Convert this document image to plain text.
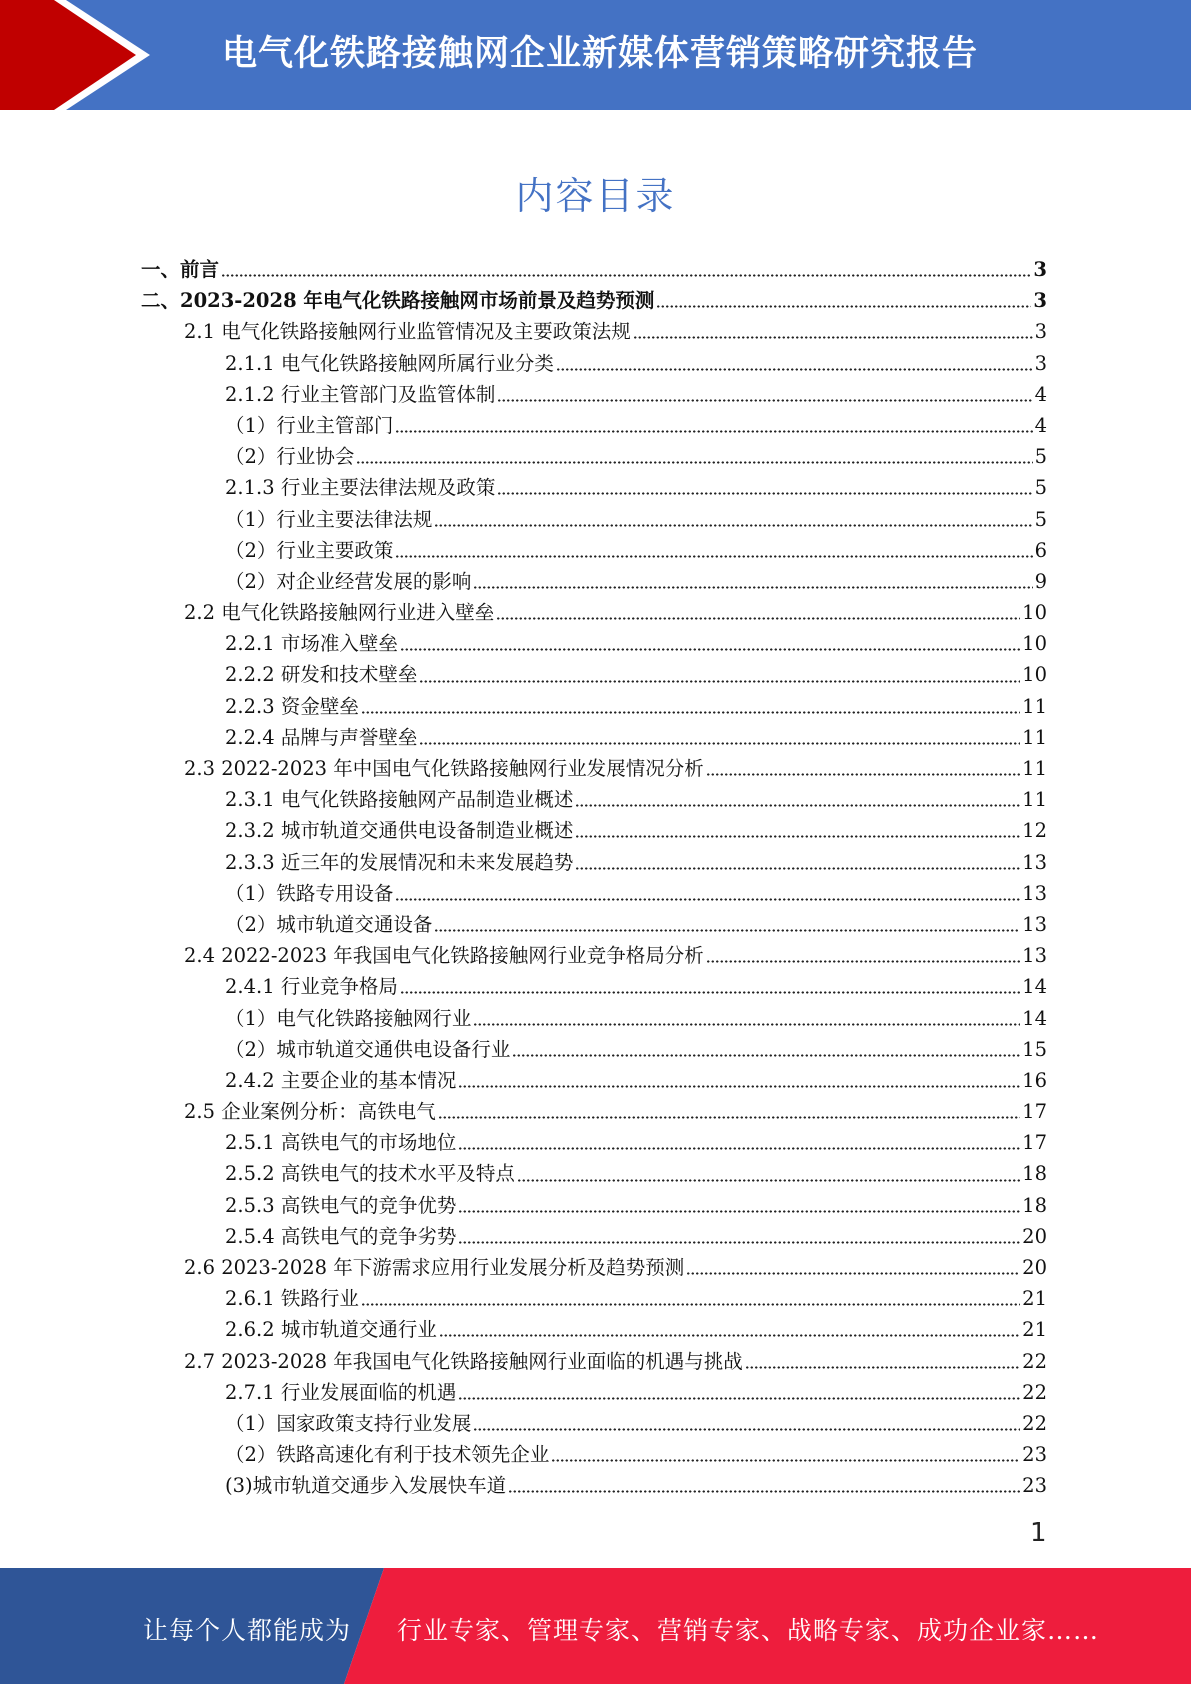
电气化铁路接触网企业新媒体营销策略研究报告
内容目录
一、前言	3
二、2023-2028 年电气化铁路接触网市场前景及趋势预测	3
2.1 电气化铁路接触网行业监管情况及主要政策法规	3
2.1.1 电气化铁路接触网所属行业分类	3
2.1.2 行业主管部门及监管体制	4
（1）行业主管部门	4
（2）行业协会	5
2.1.3 行业主要法律法规及政策	5
（1）行业主要法律法规	5
（2）行业主要政策	6
（2）对企业经营发展的影响	9
2.2 电气化铁路接触网行业进入壁垒	10
2.2.1 市场准入壁垒	10
2.2.2 研发和技术壁垒	10
2.2.3 资金壁垒	11
2.2.4 品牌与声誉壁垒	11
2.3 2022-2023 年中国电气化铁路接触网行业发展情况分析	11
2.3.1 电气化铁路接触网产品制造业概述	11
2.3.2 城市轨道交通供电设备制造业概述	12
2.3.3 近三年的发展情况和未来发展趋势	13
（1）铁路专用设备	13
（2）城市轨道交通设备	13
2.4 2022-2023 年我国电气化铁路接触网行业竞争格局分析	13
2.4.1 行业竞争格局	14
（1）电气化铁路接触网行业	14
（2）城市轨道交通供电设备行业	15
2.4.2 主要企业的基本情况	16
2.5 企业案例分析：高铁电气	17
2.5.1 高铁电气的市场地位	17
2.5.2 高铁电气的技术水平及特点	18
2.5.3 高铁电气的竞争优势	18
2.5.4 高铁电气的竞争劣势	20
2.6 2023-2028 年下游需求应用行业发展分析及趋势预测	20
2.6.1 铁路行业	21
2.6.2 城市轨道交通行业	21
2.7 2023-2028 年我国电气化铁路接触网行业面临的机遇与挑战	22
2.7.1 行业发展面临的机遇	22
（1）国家政策支持行业发展	22
（2）铁路高速化有利于技术领先企业	23
(3)城市轨道交通步入发展快车道	23
1
让每个人都能成为 行业专家、管理专家、营销专家、战略专家、成功企业家……
